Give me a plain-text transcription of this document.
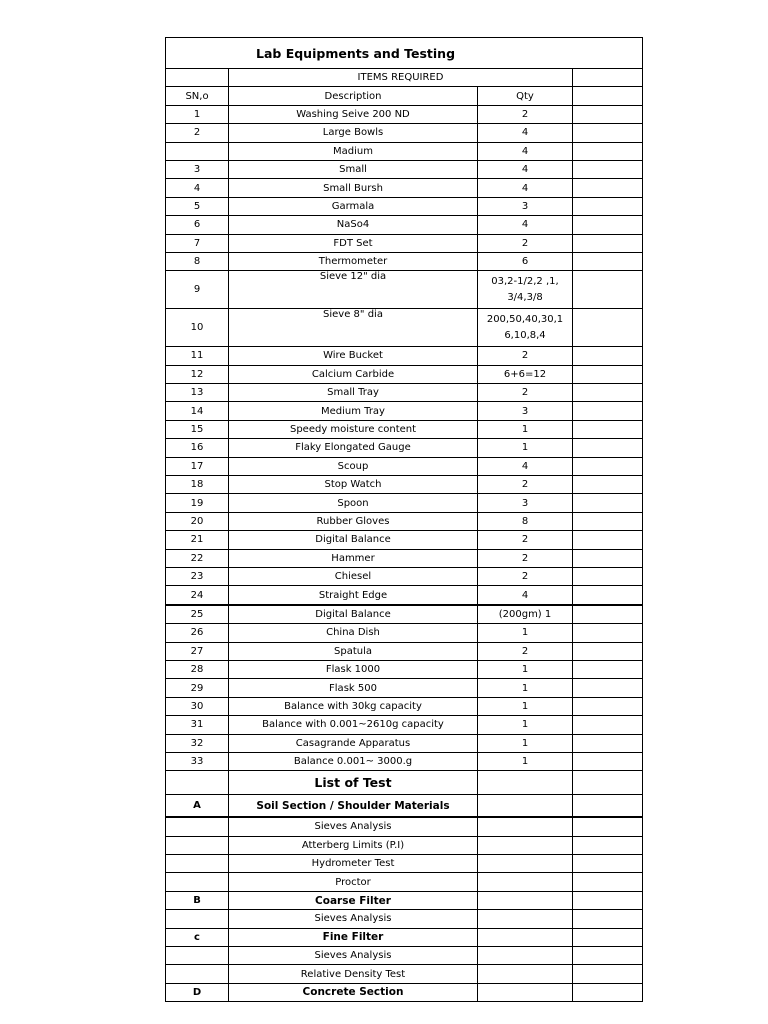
Lab Equipments and Testing			
	ITEMS REQUIRED		
SN,o	Description	Qty	
1	Washing Seive 200 ND	2	
2	Large Bowls	4	
	Madium	4	
3	Small	4	
4	Small Bursh	4	
5	Garmala	3	
6	NaSo4	4	
7	FDT Set	2	
8	Thermometer	6	
9	Sieve 12" dia	03,2-1/2,2 ,1,
3/4,3/8	
10	Sieve 8" dia	200,50,40,30,1
6,10,8,4	
11	Wire Bucket	2	
12	Calcium Carbide	6+6=12	
13	Small Tray	2	
14	Medium Tray	3	
15	Speedy moisture content	1	
16	Flaky Elongated Gauge	1	
17	Scoup	4	
18	Stop Watch	2	
19	Spoon	3	
20	Rubber Gloves	8	
21	Digital Balance	2	
22	Hammer	2	
23	Chiesel	2	
24	Straight Edge	4	
25	Digital Balance	(200gm) 1	
26	China Dish	1	
27	Spatula	2	
28	Flask 1000	1	
29	Flask 500	1	
30	Balance with 30kg capacity	1	
31	Balance with 0.001~2610g capacity	1	
32	Casagrande Apparatus	1	
33	Balance 0.001~ 3000.g	1	
	List of Test		
A	Soil Section / Shoulder Materials		
	Sieves Analysis		
	Atterberg Limits (P.I)		
	Hydrometer Test		
	Proctor		
B	Coarse Filter		
	Sieves Analysis		
c	Fine Filter		
	Sieves Analysis		
	Relative Density Test		
D	Concrete Section		
